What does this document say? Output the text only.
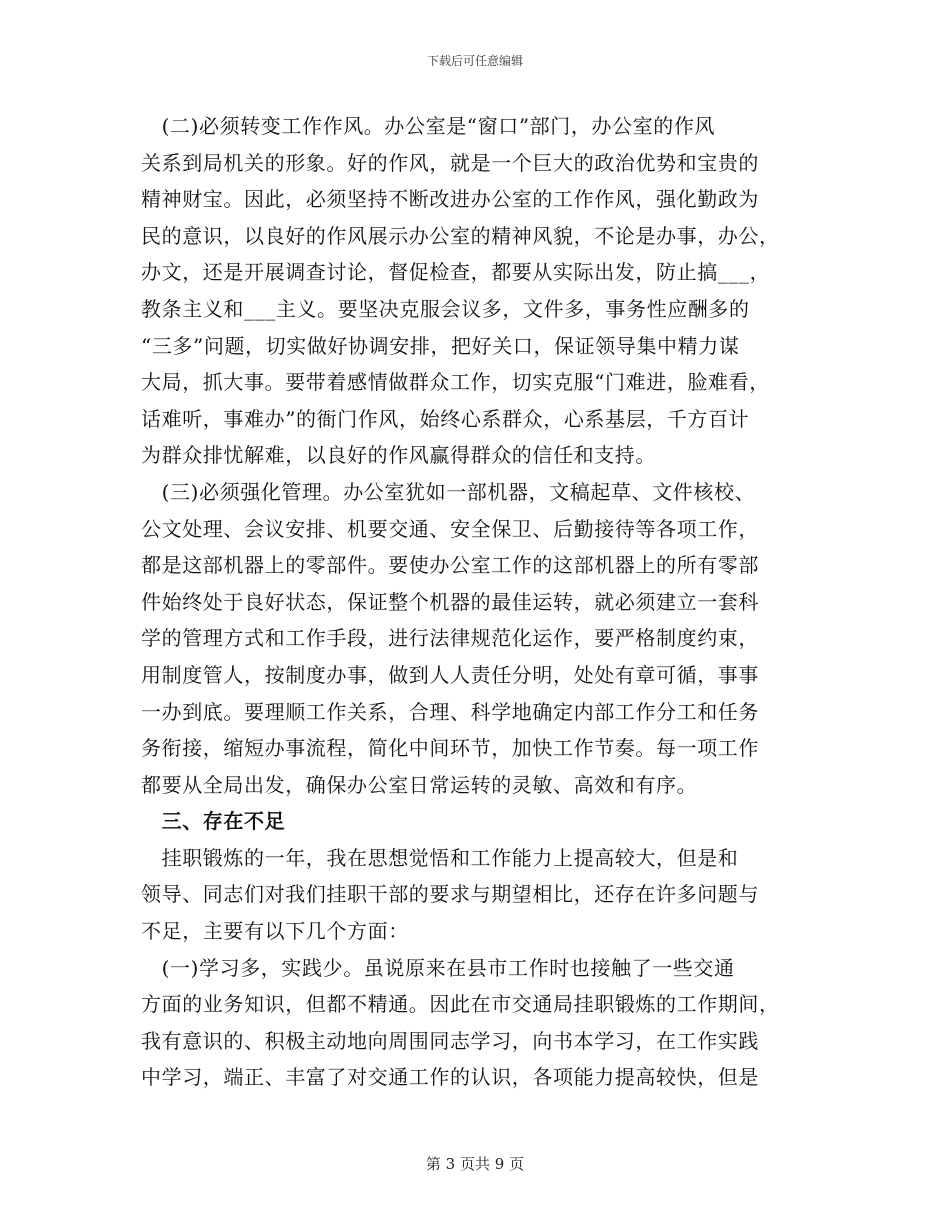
下载后可任意编辑
　(二)必须转变工作作风。办公室是“窗口”部门，办公室的作风
关系到局机关的形象。好的作风，就是一个巨大的政治优势和宝贵的
精神财宝。因此，必须坚持不断改进办公室的工作作风，强化勤政为
民的意识，以良好的作风展示办公室的精神风貌，不论是办事，办公，
办文，还是开展调查讨论，督促检查，都要从实际出发，防止搞___，
教条主义和___主义。要坚决克服会议多，文件多，事务性应酬多的
“三多”问题，切实做好协调安排，把好关口，保证领导集中精力谋
大局，抓大事。要带着感情做群众工作，切实克服“门难进，脸难看，
话难听，事难办”的衙门作风，始终心系群众，心系基层，千方百计
为群众排忧解难，以良好的作风赢得群众的信任和支持。
　(三)必须强化管理。办公室犹如一部机器，文稿起草、文件核校、
公文处理、会议安排、机要交通、安全保卫、后勤接待等各项工作，
都是这部机器上的零部件。要使办公室工作的这部机器上的所有零部
件始终处于良好状态，保证整个机器的最佳运转，就必须建立一套科
学的管理方式和工作手段，进行法律规范化运作，要严格制度约束，
用制度管人，按制度办事，做到人人责任分明，处处有章可循，事事
一办到底。要理顺工作关系，合理、科学地确定内部工作分工和任务
务衔接，缩短办事流程，简化中间环节，加快工作节奏。每一项工作
都要从全局出发，确保办公室日常运转的灵敏、高效和有序。
　三、存在不足
　挂职锻炼的一年，我在思想觉悟和工作能力上提高较大，但是和
领导、同志们对我们挂职干部的要求与期望相比，还存在许多问题与
不足，主要有以下几个方面：
　(一)学习多，实践少。虽说原来在县市工作时也接触了一些交通
方面的业务知识，但都不精通。因此在市交通局挂职锻炼的工作期间，
我有意识的、积极主动地向周围同志学习，向书本学习，在工作实践
中学习，端正、丰富了对交通工作的认识，各项能力提高较快，但是
第 3 页共 9 页
